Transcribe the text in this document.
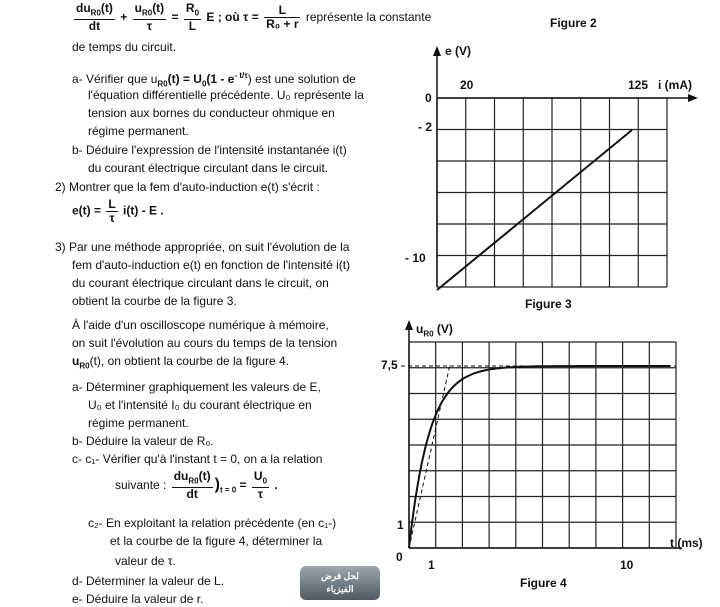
$\frac{du_{R0}(t)}{dt} + \frac{u_{R0}(t)}{\tau} = \frac{R_0}{L}$ E ; où $\tau = \frac{L}{\text{R₀ + r}}$ représente la constante
de temps du circuit.
Figure 2
a- Vérifier que $u_{R0}(t) = U_0(1 - e^{- t/\tau})$ est une solution de
l'équation différentielle précédente. U₀ représente la
tension aux bornes du conducteur ohmique en
régime permanent.
b- Déduire l'expression de l'intensité instantanée i(t)
du courant électrique circulant dans le circuit.
2) Montrer que la fem d'auto-induction e(t) s'écrit :
$e(t) = \frac{L}{\tau} i(t) - E$ .
3) Par une méthode appropriée, on suit l'évolution de la
fem d'auto-induction e(t) en fonction de l'intensité i(t)
du courant électrique circulant dans le circuit, on
obtient la courbe de la figure 3.
À l'aide d'un oscilloscope numérique à mémoire,
on suit l'évolution au cours du temps de la tension
$u_{R0}(t)$, on obtient la courbe de la figure 4.
a- Déterminer graphiquement les valeurs de E,
U₀ et l'intensité I₀ du courant électrique en
régime permanent.
b- Déduire la valeur de R₀.
c- c₁- Vérifier qu'à l'instant t = 0, on a la relation
suivante : $\frac{du_{R0}(t)}{dt} )_{t = 0} = \frac{U_0}{\tau}$ .
c₂- En exploitant la relation précédente (en c₁-)
et la courbe de la figure 4, déterminer la
valeur de τ.
d- Déterminer la valeur de L.
e- Déduire la valeur de r.
e (V)
20	125 i (mA)
0
- 2
- 10
Figure 3
$u_{R0}$ (V)
7,5
1
0
1	10
t (ms)
Figure 4
لحل فرض
الفيزياء
